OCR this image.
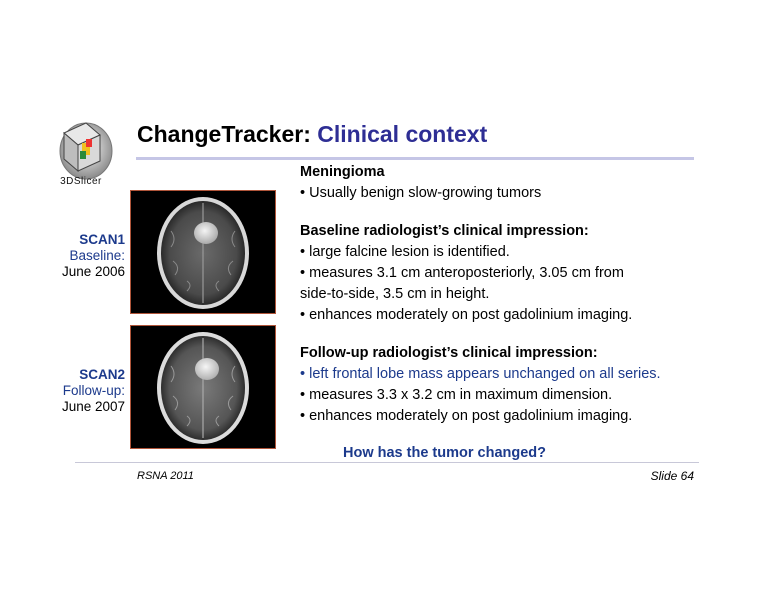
3DSlicer
ChangeTracker: Clinical context
SCAN1
Baseline:
June 2006
SCAN2
Follow-up:
June 2007
Meningioma
• Usually benign slow-growing tumors
Baseline radiologist’s clinical impression:
• large falcine lesion is identified.
• measures 3.1 cm anteroposteriorly, 3.05 cm from
side-to-side, 3.5 cm in height.
• enhances moderately on post gadolinium imaging.
Follow-up radiologist’s clinical impression:
• left frontal lobe mass appears unchanged on all series.
• measures 3.3 x 3.2 cm in maximum dimension.
• enhances moderately on post gadolinium imaging.
How has the tumor changed?
RSNA 2011	Slide 64
